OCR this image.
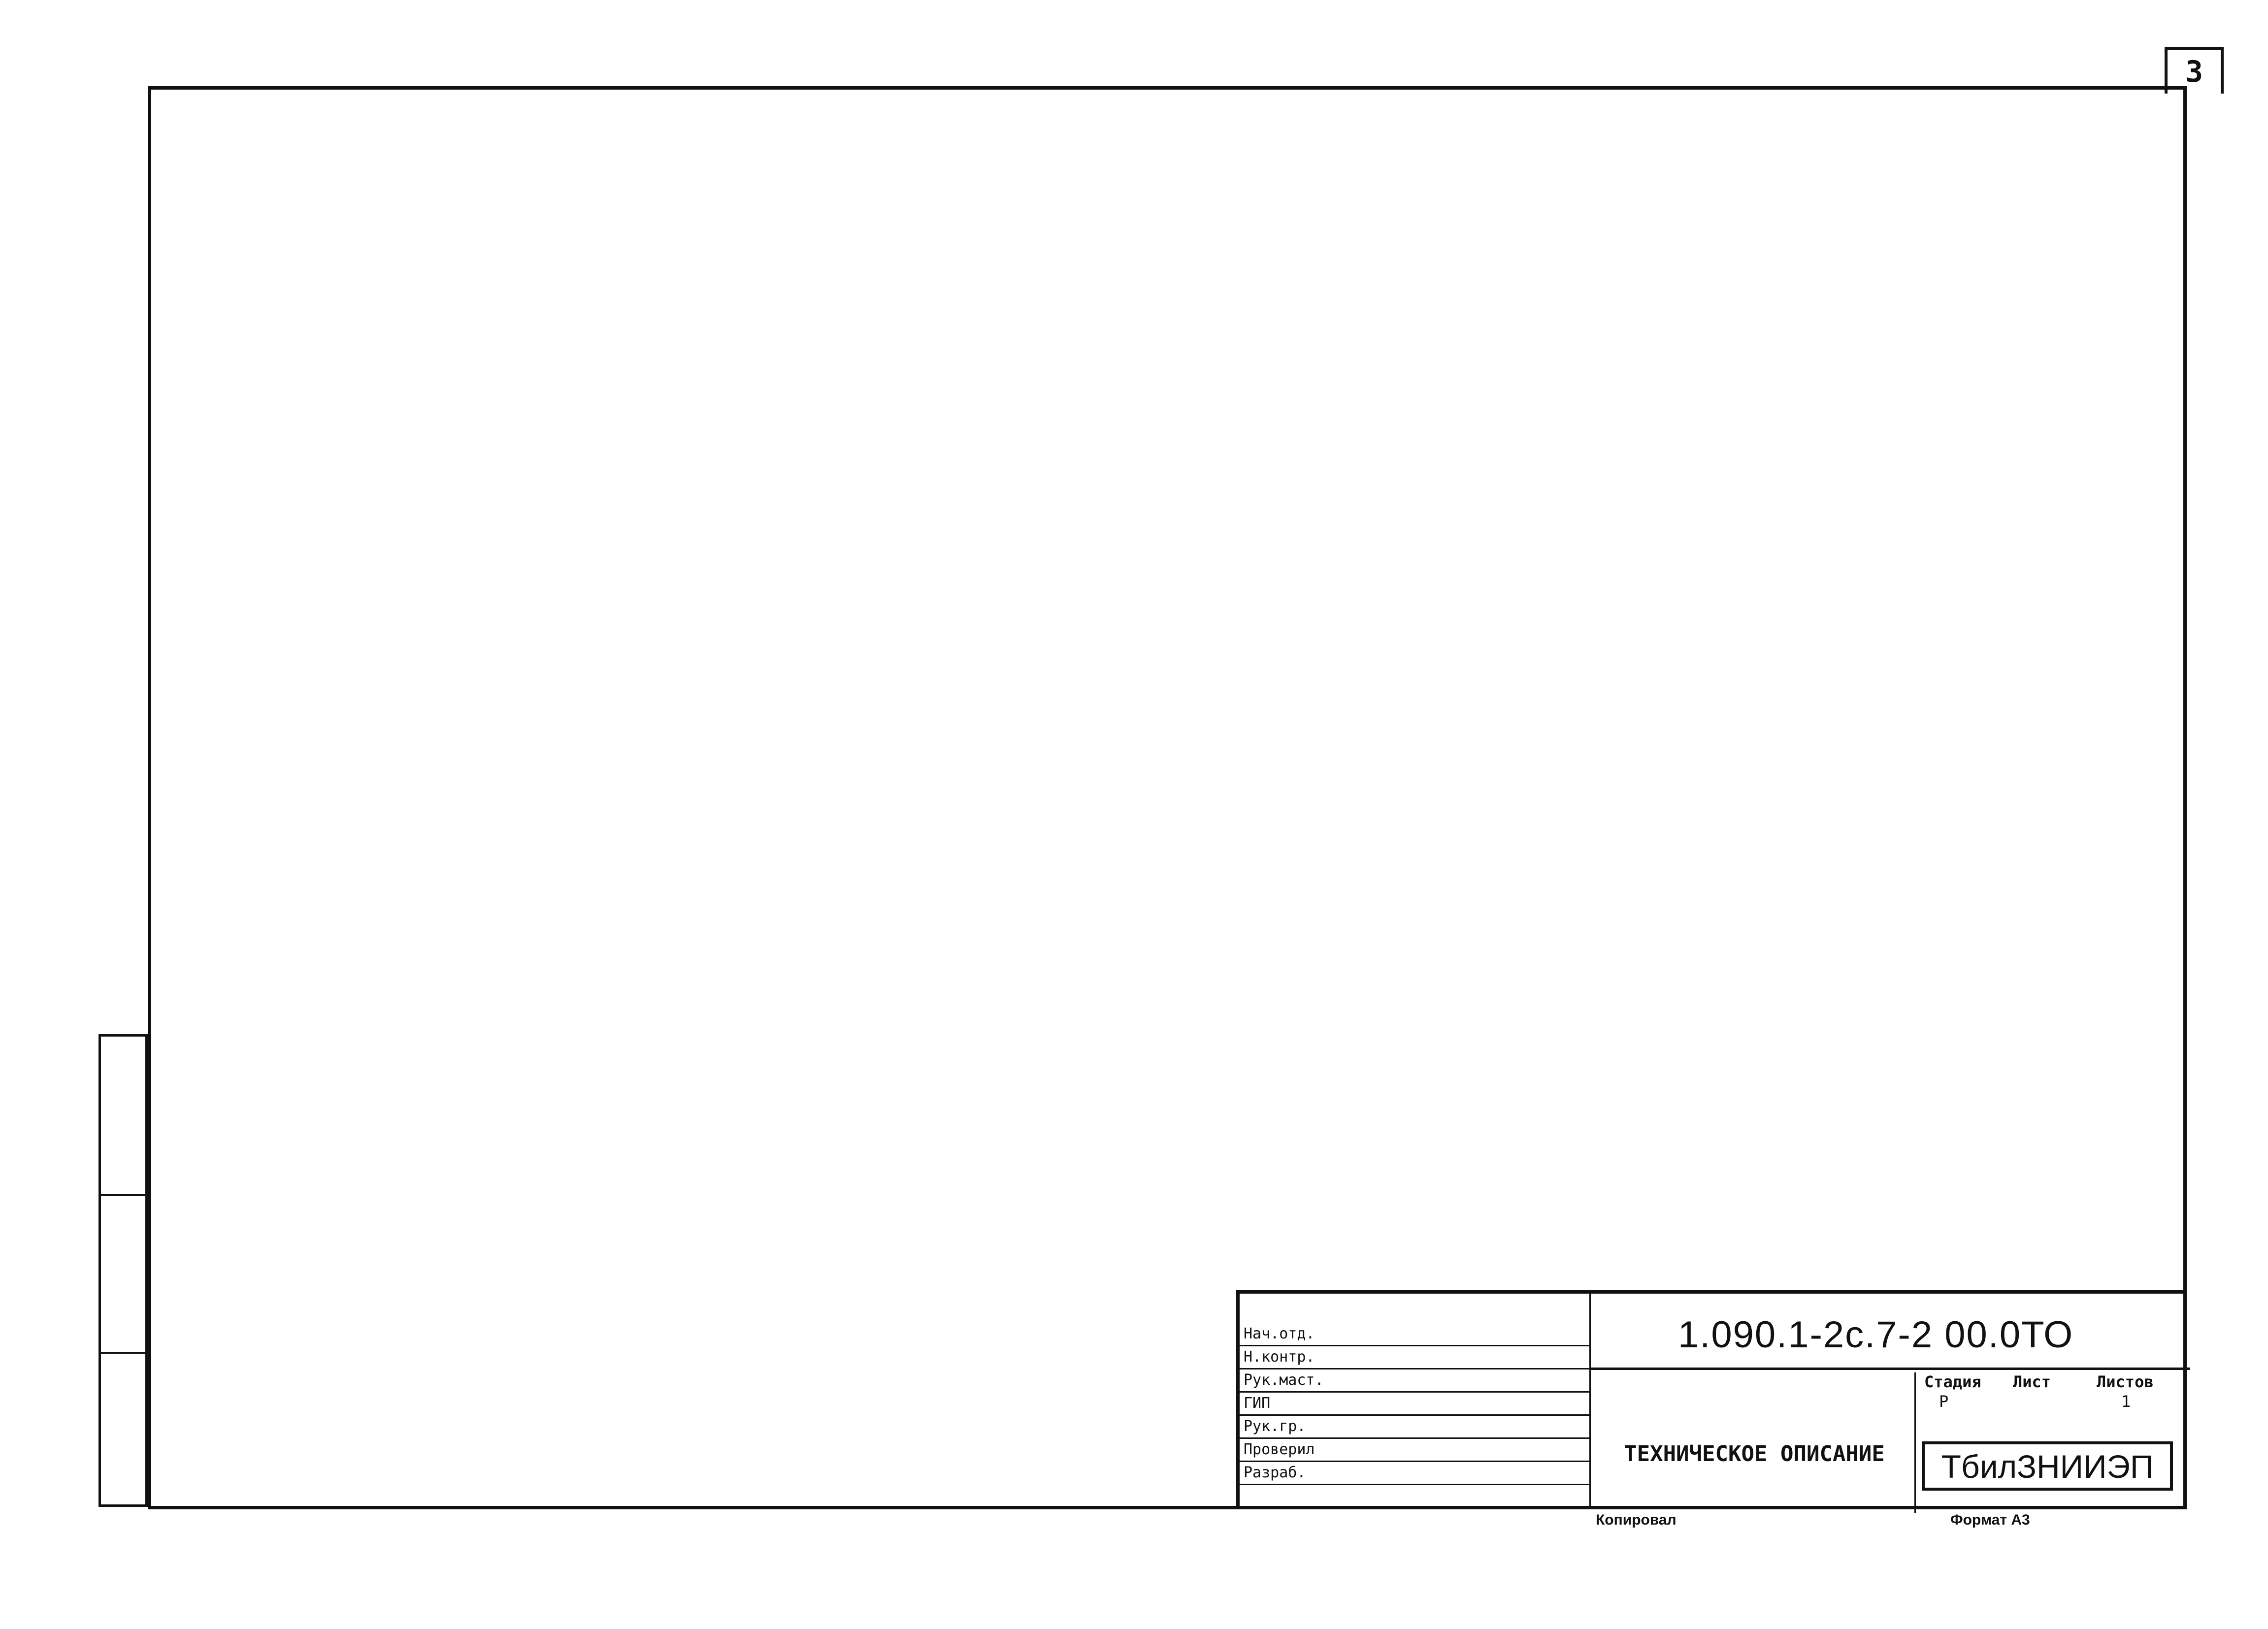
3
1.090.1-2с.7-2 00.0ТО
Нач.отд.
Н.контр.
Рук.маст.
ГИП
Рук.гр.
Проверил
Разраб.
ТЕХНИЧЕСКОЕ ОПИСАНИЕ
Стадия Лист	Листов
Р	1
ТбилЗНИИЭП
Копировал	Формат А3
